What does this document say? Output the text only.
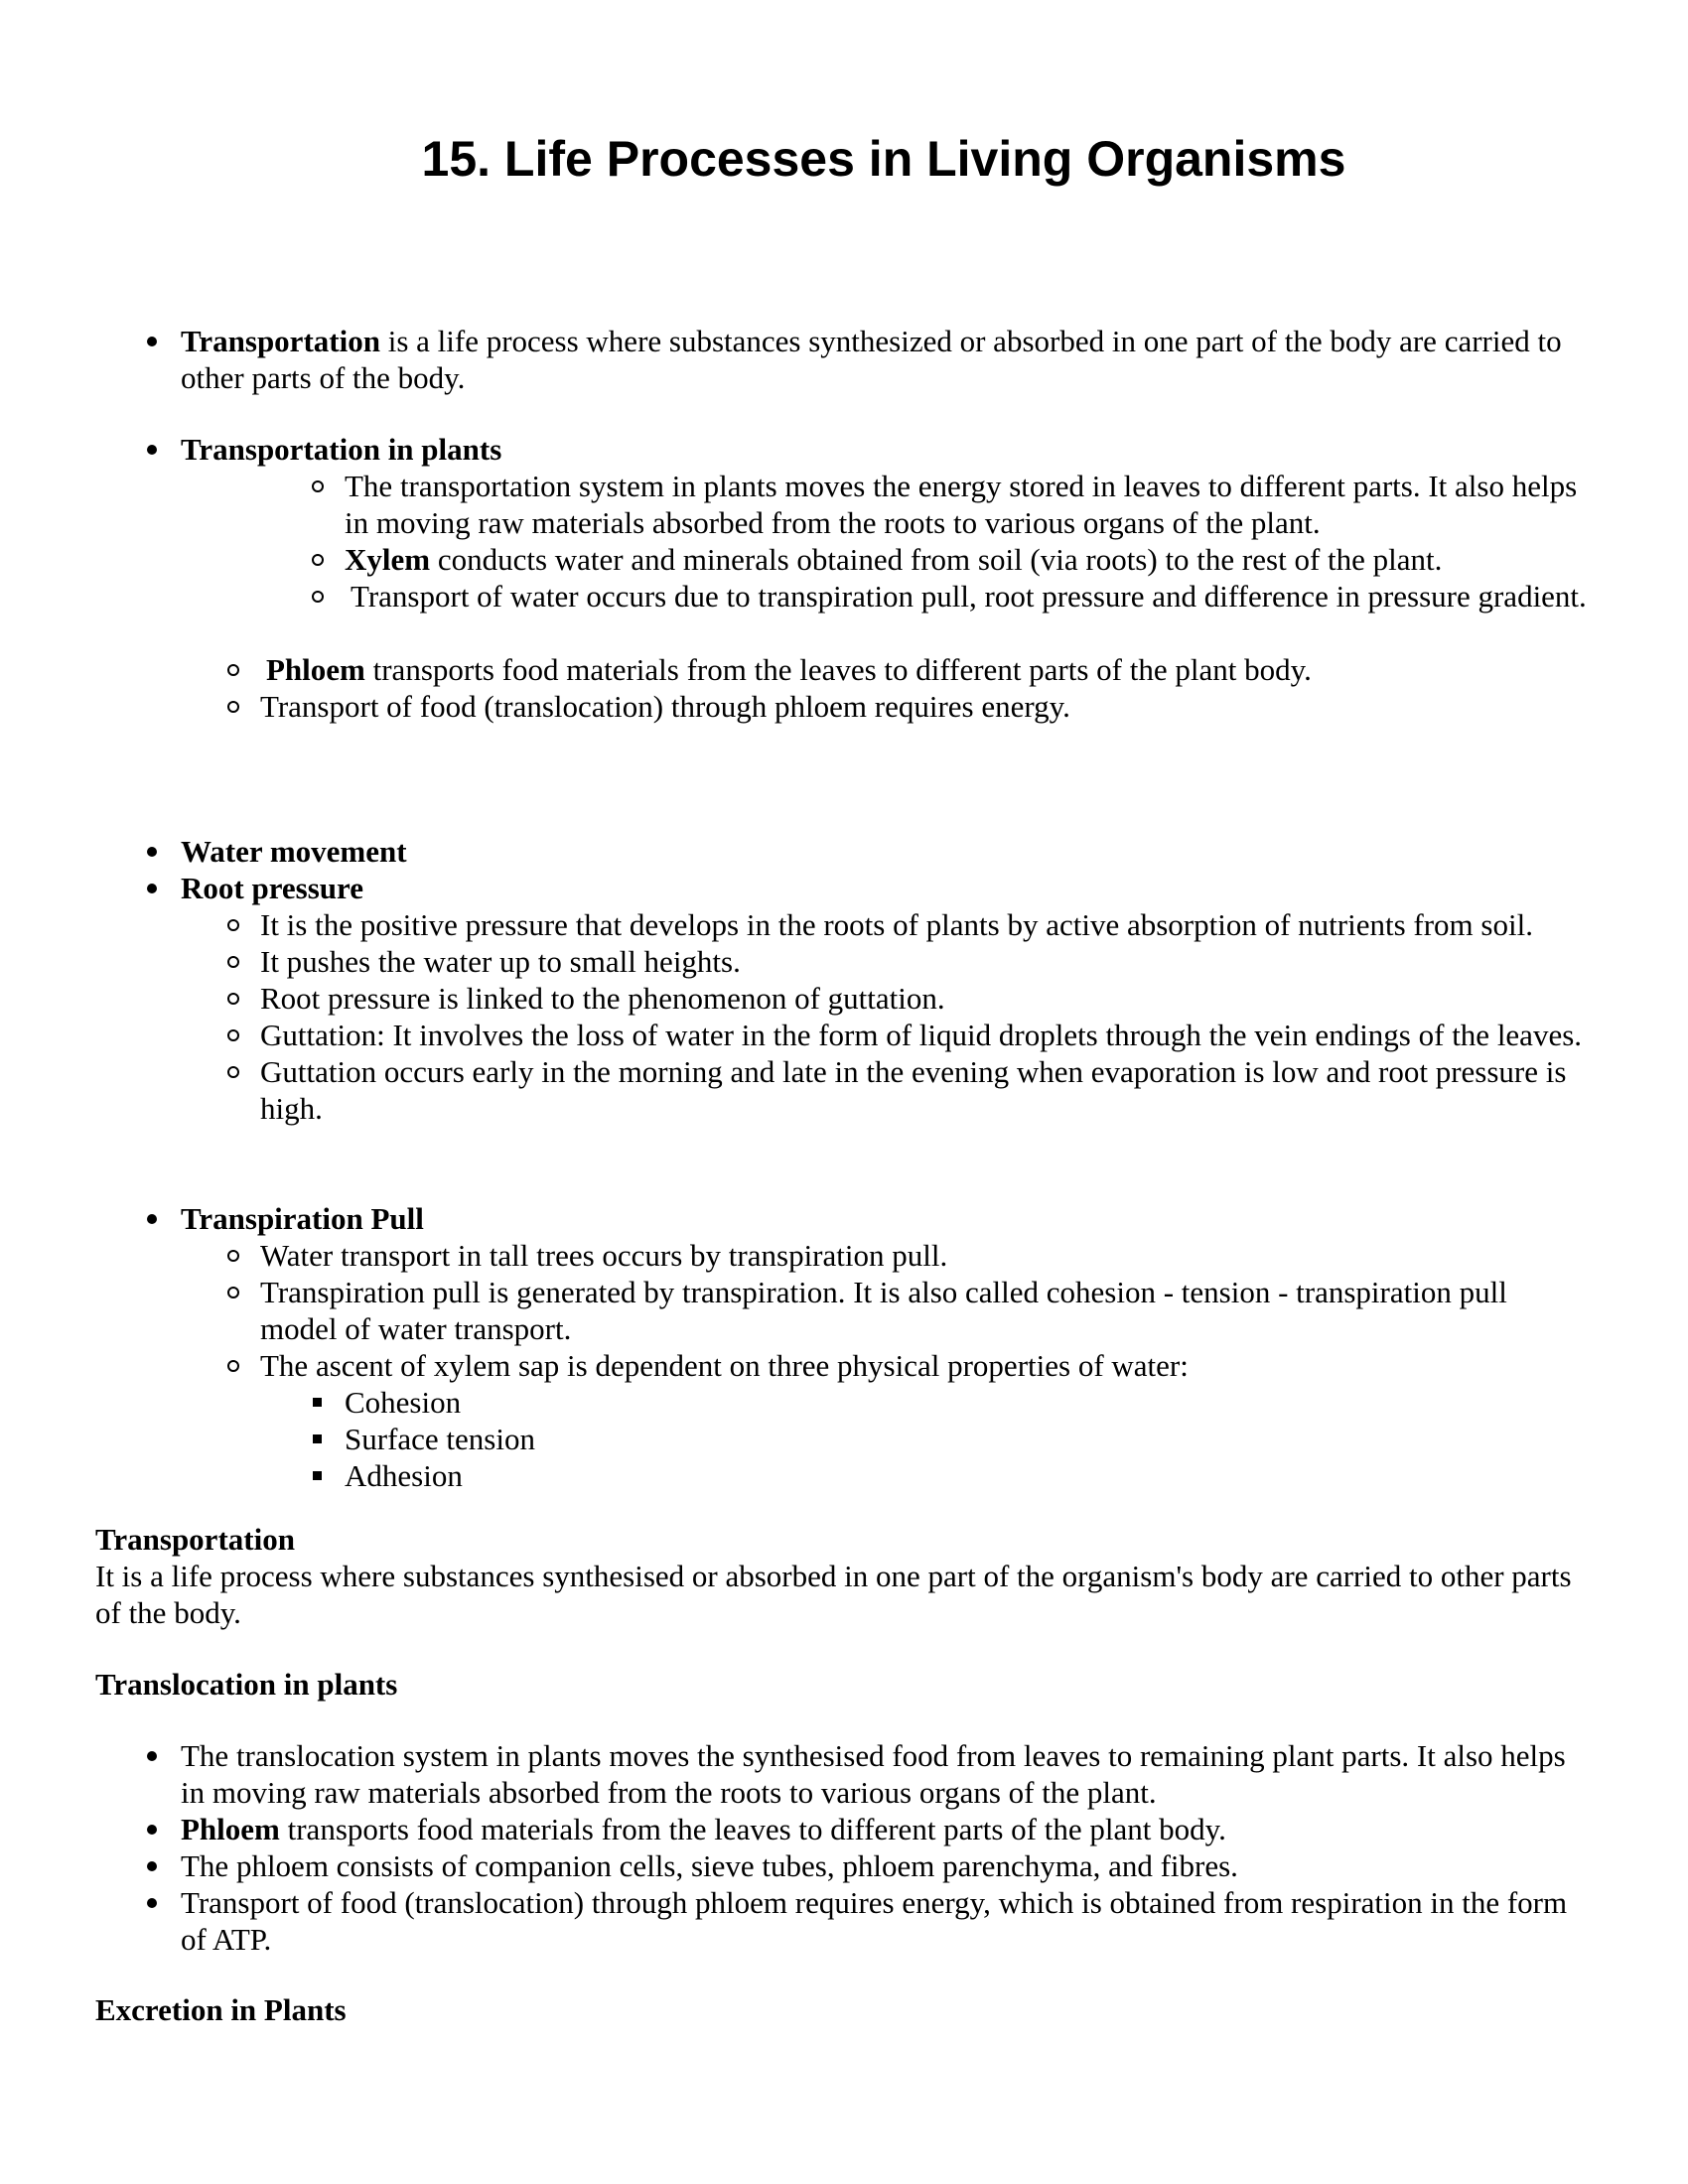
15. Life Processes in Living Organisms
Transportation is a life process where substances synthesized or absorbed in one part of the body are carried to other parts of the body.
Transportation in plants
The transportation system in plants moves the energy stored in leaves to different parts. It also helps in moving raw materials absorbed from the roots to various organs of the plant.
Xylem conducts water and minerals obtained from soil (via roots) to the rest of the plant.
Transport of water occurs due to transpiration pull, root pressure and difference in pressure gradient.
Phloem transports food materials from the leaves to different parts of the plant body.
Transport of food (translocation) through phloem requires energy.
Water movement
Root pressure
It is the positive pressure that develops in the roots of plants by active absorption of nutrients from soil.
It pushes the water up to small heights.
Root pressure is linked to the phenomenon of guttation.
Guttation: It involves the loss of water in the form of liquid droplets through the vein endings of the leaves.
Guttation occurs early in the morning and late in the evening when evaporation is low and root pressure is high.
Transpiration Pull
Water transport in tall trees occurs by transpiration pull.
Transpiration pull is generated by transpiration. It is also called cohesion - tension - transpiration pull model of water transport.
The ascent of xylem sap is dependent on three physical properties of water:
Cohesion
Surface tension
Adhesion

Transportation

It is a life process where substances synthesised or absorbed in one part of the organism's body are carried to other parts of the body.

Translocation in plants

The translocation system in plants moves the synthesised food from leaves to remaining plant parts. It also helps in moving raw materials absorbed from the roots to various organs of the plant.
Phloem transports food materials from the leaves to different parts of the plant body.
The phloem consists of companion cells, sieve tubes, phloem parenchyma, and fibres.
Transport of food (translocation) through phloem requires energy, which is obtained from respiration in the form of ATP.

Excretion in Plants
